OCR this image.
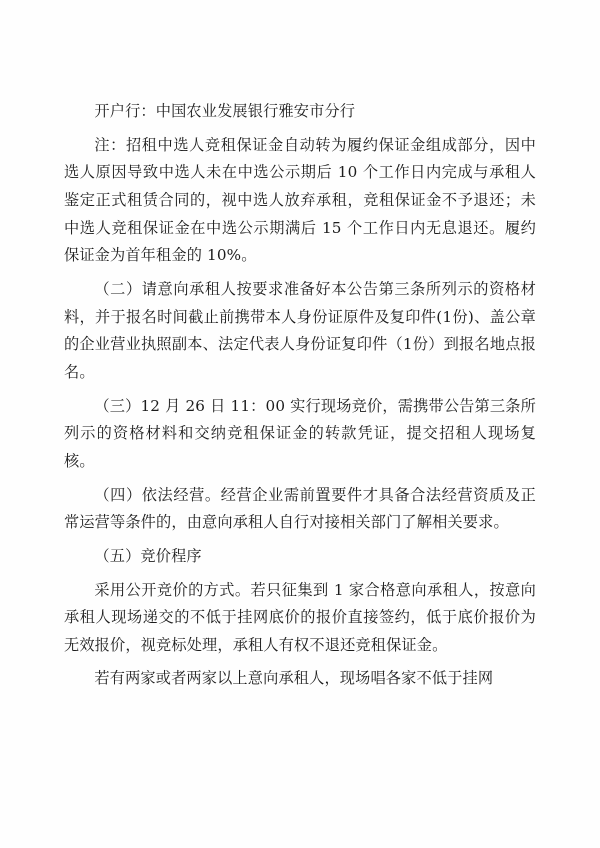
开户行：中国农业发展银行雅安市分行

注：招租中选人竞租保证金自动转为履约保证金组成部分，因中选人原因导致中选人未在中选公示期后 10 个工作日内完成与承租人鉴定正式租赁合同的，视中选人放弃承租，竞租保证金不予退还；未中选人竞租保证金在中选公示期满后 15 个工作日内无息退还。履约保证金为首年租金的 10%。

（二）请意向承租人按要求准备好本公告第三条所列示的资格材料，并于报名时间截止前携带本人身份证原件及复印件(1份)、盖公章的企业营业执照副本、法定代表人身份证复印件（1份）到报名地点报名。

（三）12 月 26 日 11：00 实行现场竞价，需携带公告第三条所列示的资格材料和交纳竞租保证金的转款凭证，提交招租人现场复核。

（四）依法经营。经营企业需前置要件才具备合法经营资质及正常运营等条件的，由意向承租人自行对接相关部门了解相关要求。

（五）竞价程序

采用公开竞价的方式。若只征集到 1 家合格意向承租人，按意向承租人现场递交的不低于挂网底价的报价直接签约，低于底价报价为无效报价，视竞标处理，承租人有权不退还竞租保证金。

若有两家或者两家以上意向承租人，现场唱各家不低于挂网
